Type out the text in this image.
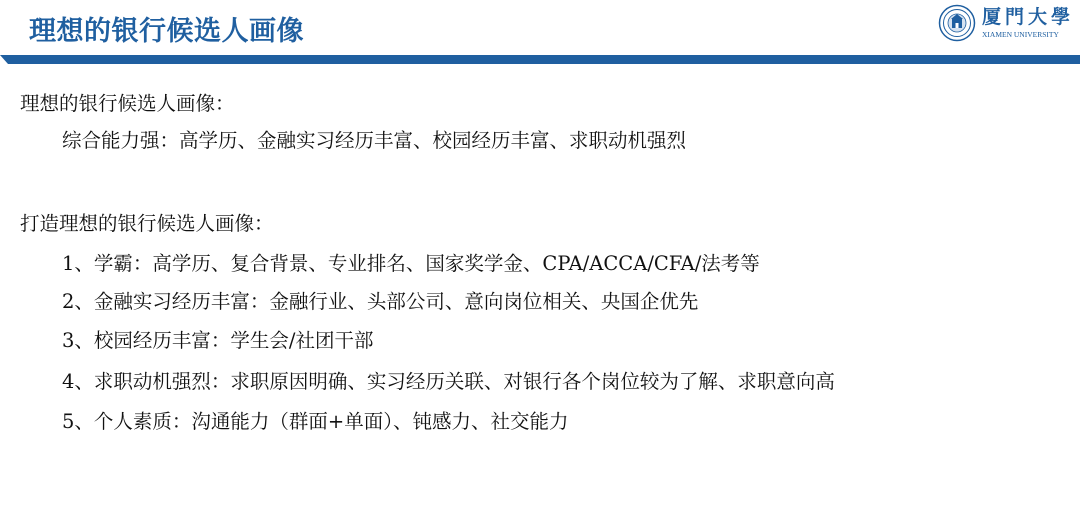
理想的银行候选人画像	厦門大學
XIAMEN UNIVERSITY
理想的银行候选人画像：
综合能力强：高学历、金融实习经历丰富、校园经历丰富、求职动机强烈
打造理想的银行候选人画像：
1、学霸：高学历、复合背景、专业排名、国家奖学金、CPA/ACCA/CFA/法考等
2、金融实习经历丰富：金融行业、头部公司、意向岗位相关、央国企优先
3、校园经历丰富：学生会/社团干部
4、求职动机强烈：求职原因明确、实习经历关联、对银行各个岗位较为了解、求职意向高
5、个人素质：沟通能力（群面+单面）、钝感力、社交能力
